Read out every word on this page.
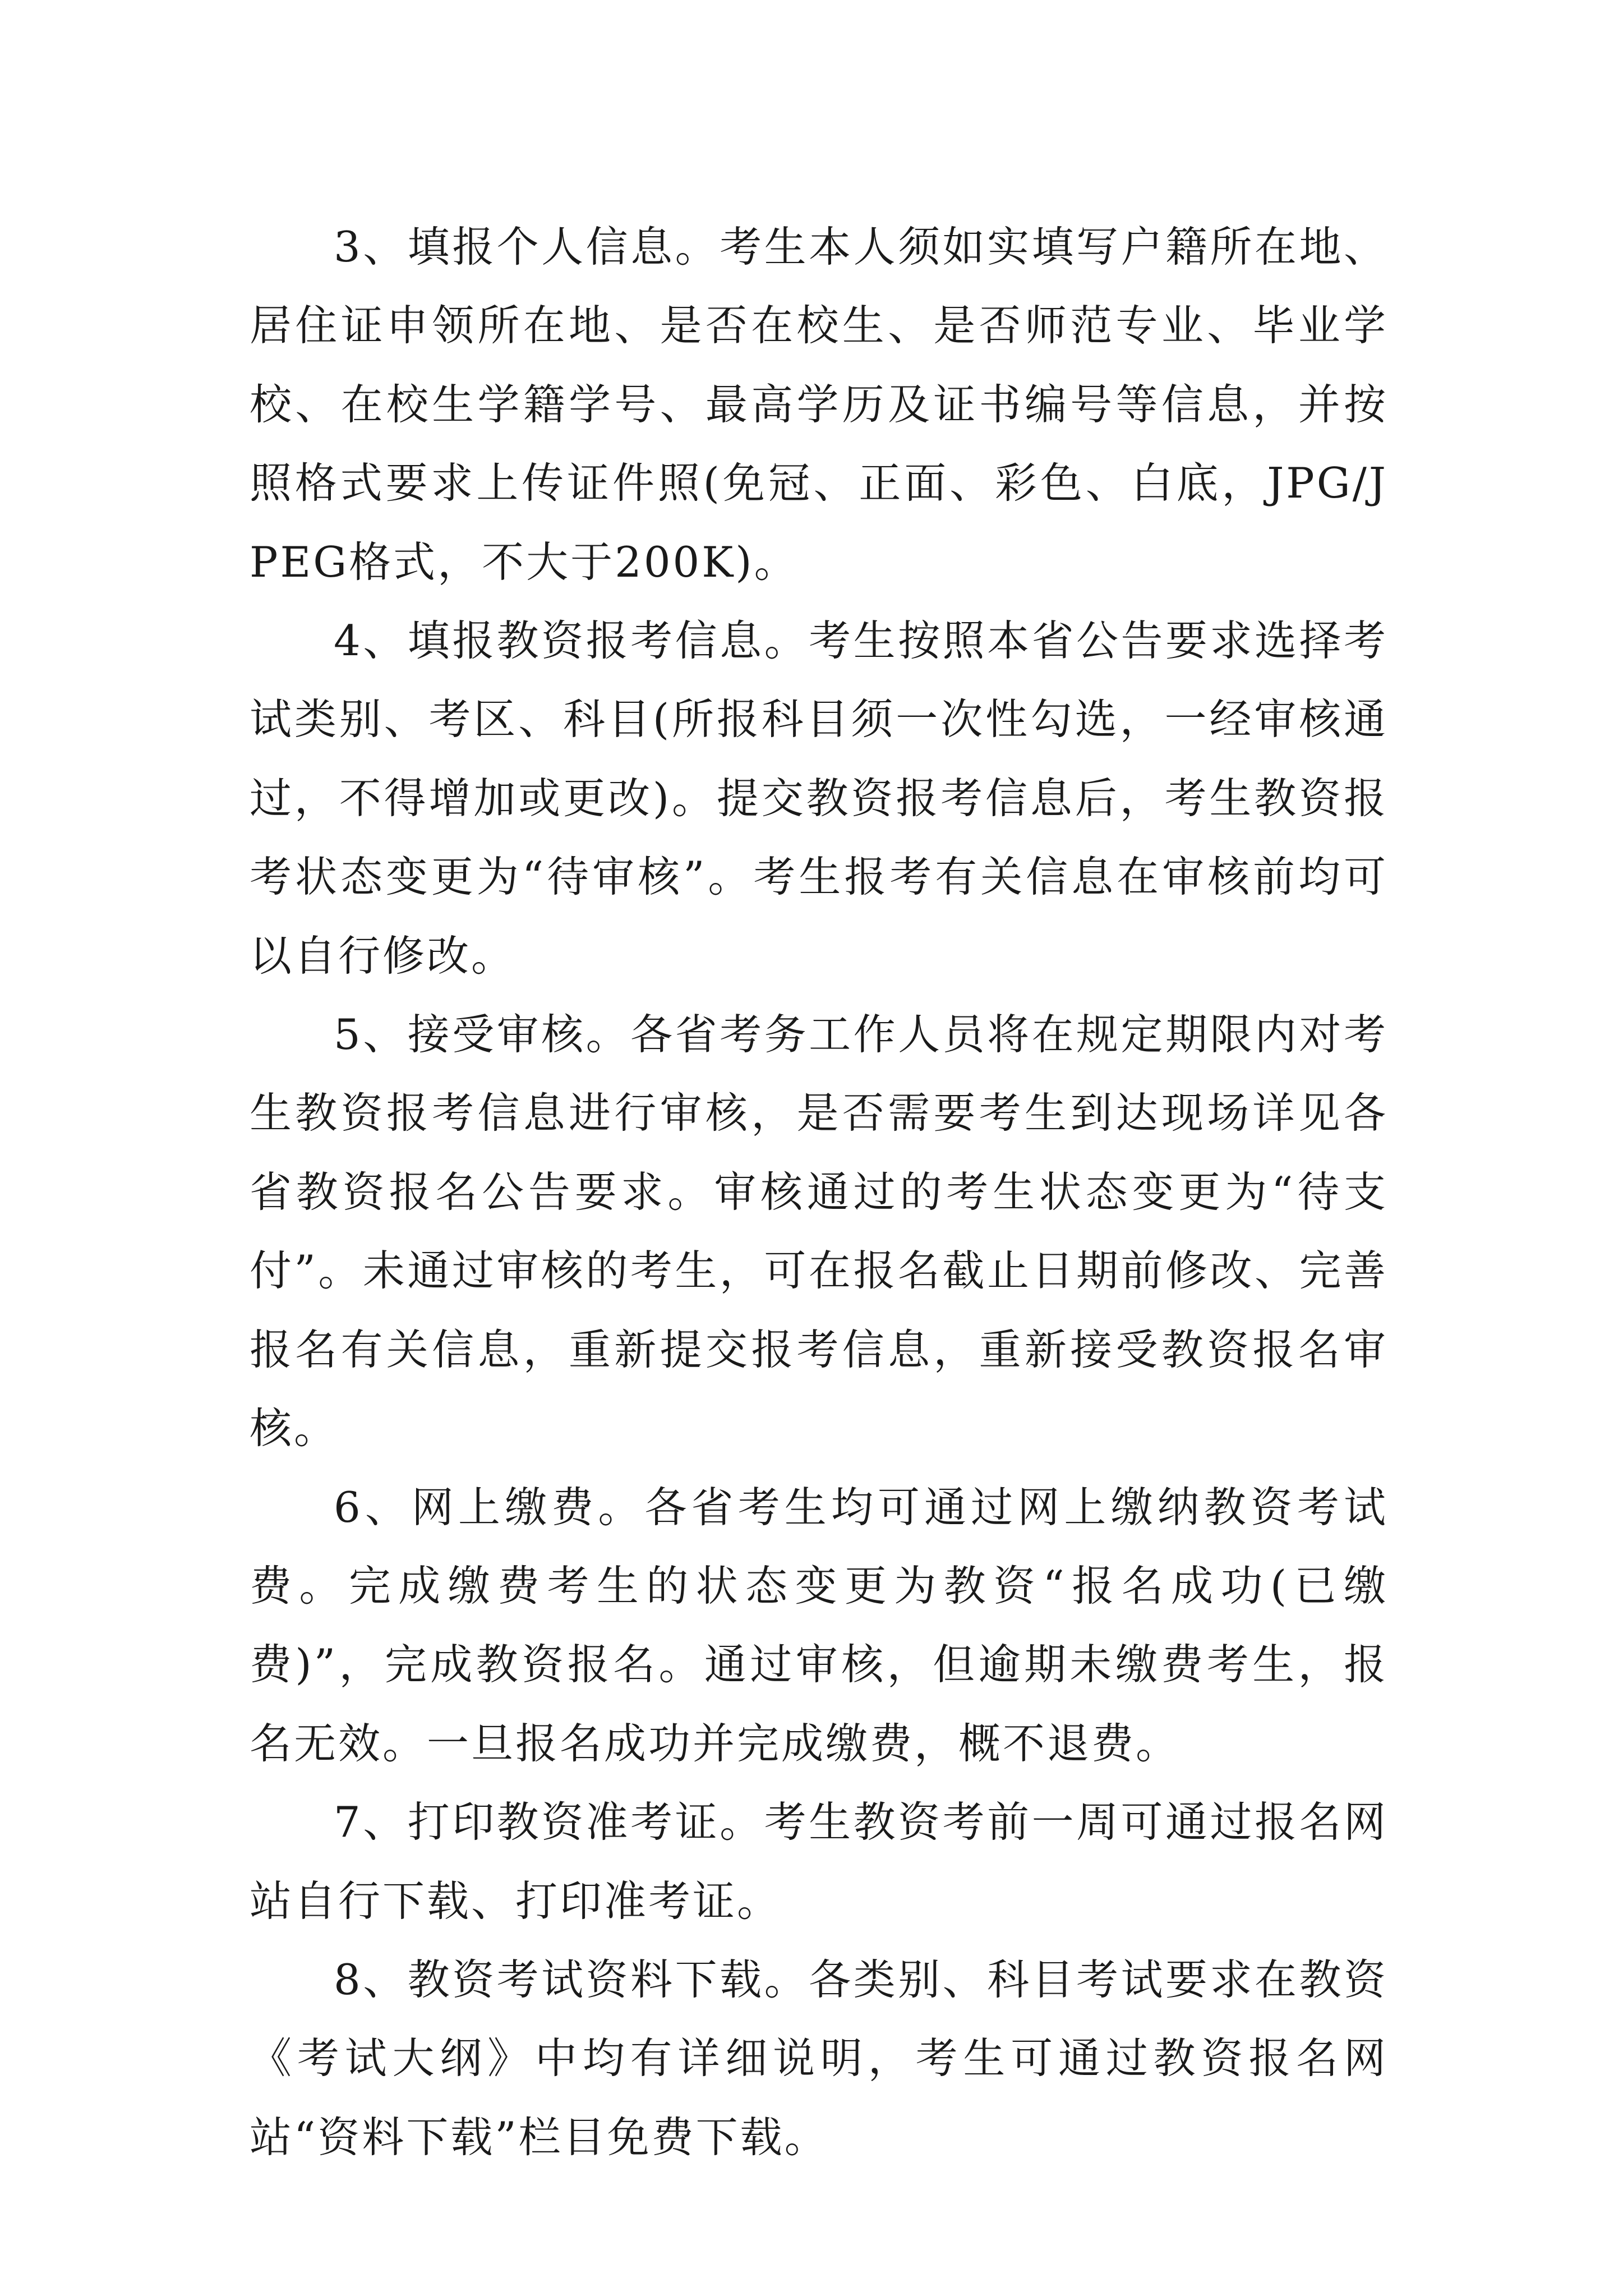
3、填报个人信息。考生本人须如实填写户籍所在地、居住证申领所在地、是否在校生、是否师范专业、毕业学校、在校生学籍学号、最高学历及证书编号等信息，并按照格式要求上传证件照(免冠、正面、彩色、白底，JPG/JPEG格式，不大于200K)。

4、填报教资报考信息。考生按照本省公告要求选择考试类别、考区、科目(所报科目须一次性勾选，一经审核通过，不得增加或更改)。提交教资报考信息后，考生教资报考状态变更为“待审核”。考生报考有关信息在审核前均可以自行修改。

5、接受审核。各省考务工作人员将在规定期限内对考生教资报考信息进行审核，是否需要考生到达现场详见各省教资报名公告要求。审核通过的考生状态变更为“待支付”。未通过审核的考生，可在报名截止日期前修改、完善报名有关信息，重新提交报考信息，重新接受教资报名审核。

6、网上缴费。各省考生均可通过网上缴纳教资考试费。完成缴费考生的状态变更为教资“报名成功(已缴费)”，完成教资报名。通过审核，但逾期未缴费考生，报名无效。一旦报名成功并完成缴费，概不退费。

7、打印教资准考证。考生教资考前一周可通过报名网站自行下载、打印准考证。

8、教资考试资料下载。各类别、科目考试要求在教资《考试大纲》中均有详细说明，考生可通过教资报名网站“资料下载”栏目免费下载。
